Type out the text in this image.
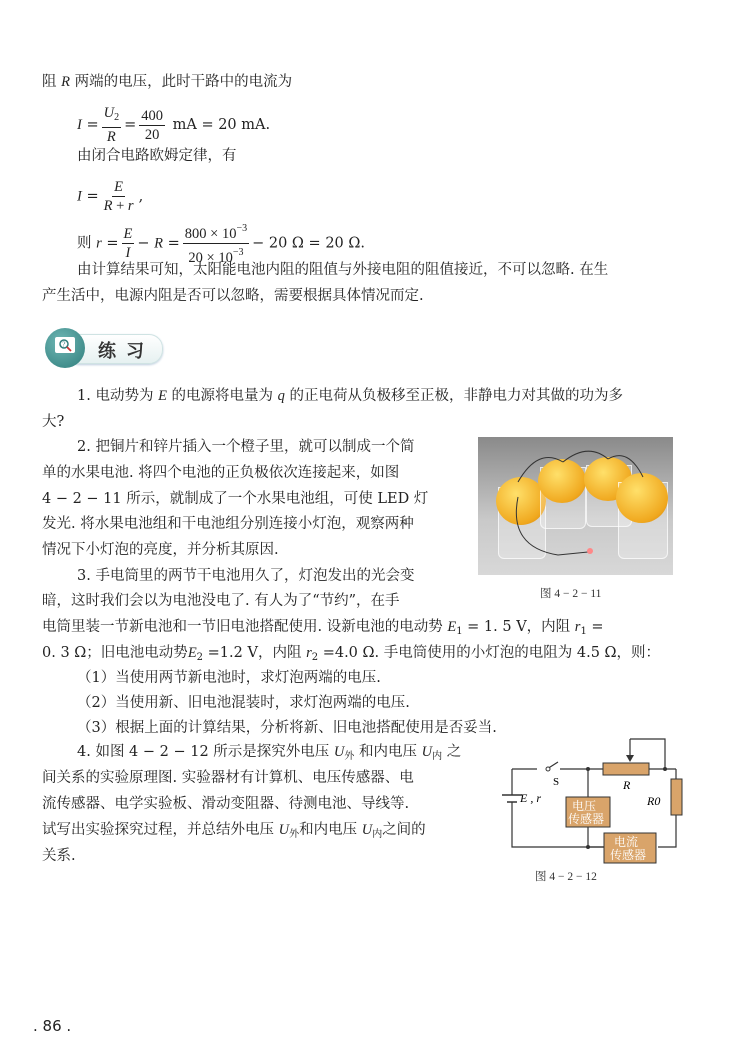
阻 R 两端的电压，此时干路中的电流为
$I = \frac{U_2}{R} = \frac{400}{20}$ mA = 20 mA.
由闭合电路欧姆定律，有
$I = \frac{E}{R + r}$ ,
则 $r = \frac{E}{I} - R = \frac{800 \times 10^{-3}}{20 \times 10^{-3}} - 20$ Ω = 20 Ω.
由计算结果可知，太阳能电池内阻的阻值与外接电阻的阻值接近，不可以忽略. 在生
产生活中，电源内阻是否可以忽略，需要根据具体情况而定.
1. 电动势为 E 的电源将电量为 q 的正电荷从负极移至正极，非静电力对其做的功为多
大?
2. 把铜片和锌片插入一个橙子里，就可以制成一个简
单的水果电池. 将四个电池的正负极依次连接起来，如图
4 − 2 − 11 所示，就制成了一个水果电池组，可使 LED 灯
发光. 将水果电池组和干电池组分别连接小灯泡，观察两种
情况下小灯泡的亮度，并分析其原因.
3. 手电筒里的两节干电池用久了，灯泡发出的光会变
暗，这时我们会以为电池没电了. 有人为了“节约”，在手
电筒里装一节新电池和一节旧电池搭配使用. 设新电池的电动势 $E_1 = 1$. 5 V，内阻 $r_1$ =
0. 3 Ω；旧电池电动势$E_2 =1.2$ V，内阻 $r_2 =4.0$ Ω. 手电筒使用的小灯泡的电阻为 4.5 Ω，则：
（1）当使用两节新电池时，求灯泡两端的电压.
（2）当使用新、旧电池混装时，求灯泡两端的电压.
（3）根据上面的计算结果，分析将新、旧电池搭配使用是否妥当.
4. 如图 4 − 2 − 12 所示是探究外电压 $U_外$ 和内电压 $U_内$ 之
间关系的实验原理图. 实验器材有计算机、电压传感器、电
流传感器、电学实验板、滑动变阻器、待测电池、导线等.
试写出实验探究过程，并总结外电压 $U_外$和内电压 $U_内$之间的
关系.
? 练习
图 4 − 2 − 11
S	R
E , r	R0
电压
传感器
电流
传感器
图 4 − 2 − 12
. 86 .
